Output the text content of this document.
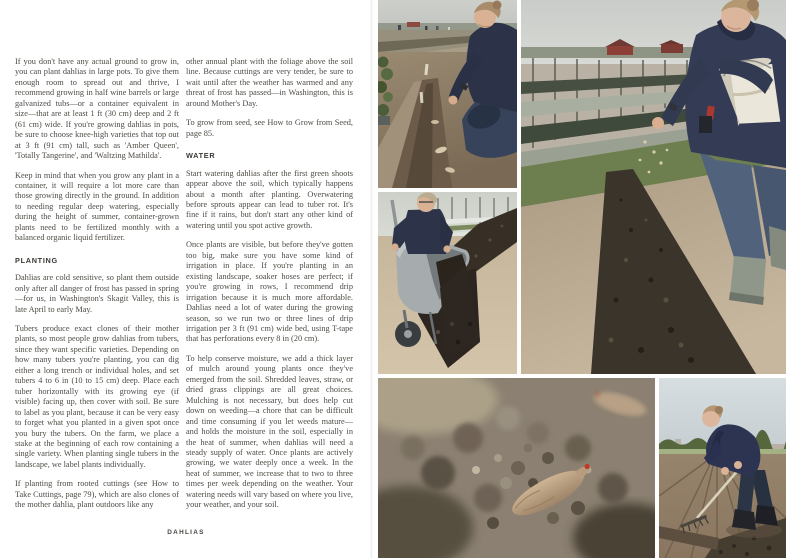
If you don't have any actual ground to grow in, you can plant dahlias in large pots. To give them enough room to spread out and thrive, I recommend growing in half wine barrels or large galvanized tubs—or a container equivalent in size—that are at least 1 ft (30 cm) deep and 2 ft (61 cm) wide. If you're growing dahlias in pots, be sure to choose knee-high varieties that top out at 3 ft (91 cm) tall, such as 'Amber Queen', 'Totally Tangerine', and 'Waltzing Mathilda'.

Keep in mind that when you grow any plant in a container, it will require a lot more care than those growing directly in the ground. In addition to needing regular deep watering, especially during the height of summer, container-grown plants need to be fertilized monthly with a balanced organic liquid fertilizer.

PLANTING

Dahlias are cold sensitive, so plant them outside only after all danger of frost has passed in spring—for us, in Washington's Skagit Valley, this is late April to early May.

Tubers produce exact clones of their mother plants, so most people grow dahlias from tubers, since they want specific varieties. Depending on how many tubers you're planting, you can dig either a long trench or individual holes, and set tubers 4 to 6 in (10 to 15 cm) deep. Place each tuber horizontally with its growing eye (if visible) facing up, then cover with soil. Be sure to label as you plant, because it can be very easy to forget what you planted in a given spot once you bury the tubers. On the farm, we place a stake at the beginning of each row containing a single variety. When planting single tubers in the landscape, we label plants individually.

If planting from rooted cuttings (see How to Take Cuttings, page 79), which are also clones of the mother dahlia, plant outdoors like any

other annual plant with the foliage above the soil line. Because cuttings are very tender, be sure to wait until after the weather has warmed and any threat of frost has passed—in Washington, this is around Mother's Day.

To grow from seed, see How to Grow from Seed, page 85.

WATER

Start watering dahlias after the first green shoots appear above the soil, which typically happens about a month after planting. Overwatering before sprouts appear can lead to tuber rot. It's fine if it rains, but don't start any other kind of watering until you spot active growth.

Once plants are visible, but before they've gotten too big, make sure you have some kind of irrigation in place. If you're planting in an existing landscape, soaker hoses are perfect; if you're growing in rows, I recommend drip irrigation because it is much more affordable. Dahlias need a lot of water during the growing season, so we run two or three lines of drip irrigation per 3 ft (91 cm) wide bed, using T-tape that has perforations every 8 in (20 cm).

To help conserve moisture, we add a thick layer of mulch around young plants once they've emerged from the soil. Shredded leaves, straw, or dried grass clippings are all great choices. Mulching is not necessary, but does help cut down on weeding—a chore that can be difficult and time consuming if you let weeds mature—and holds the moisture in the soil, especially in the heat of summer, when dahlias will need a steady supply of water. Once plants are actively growing, we water deeply once a week. In the heat of summer, we increase that to two to three times per week depending on the weather. Your watering needs will vary based on where you live, your weather, and your soil.

DAHLIAS
